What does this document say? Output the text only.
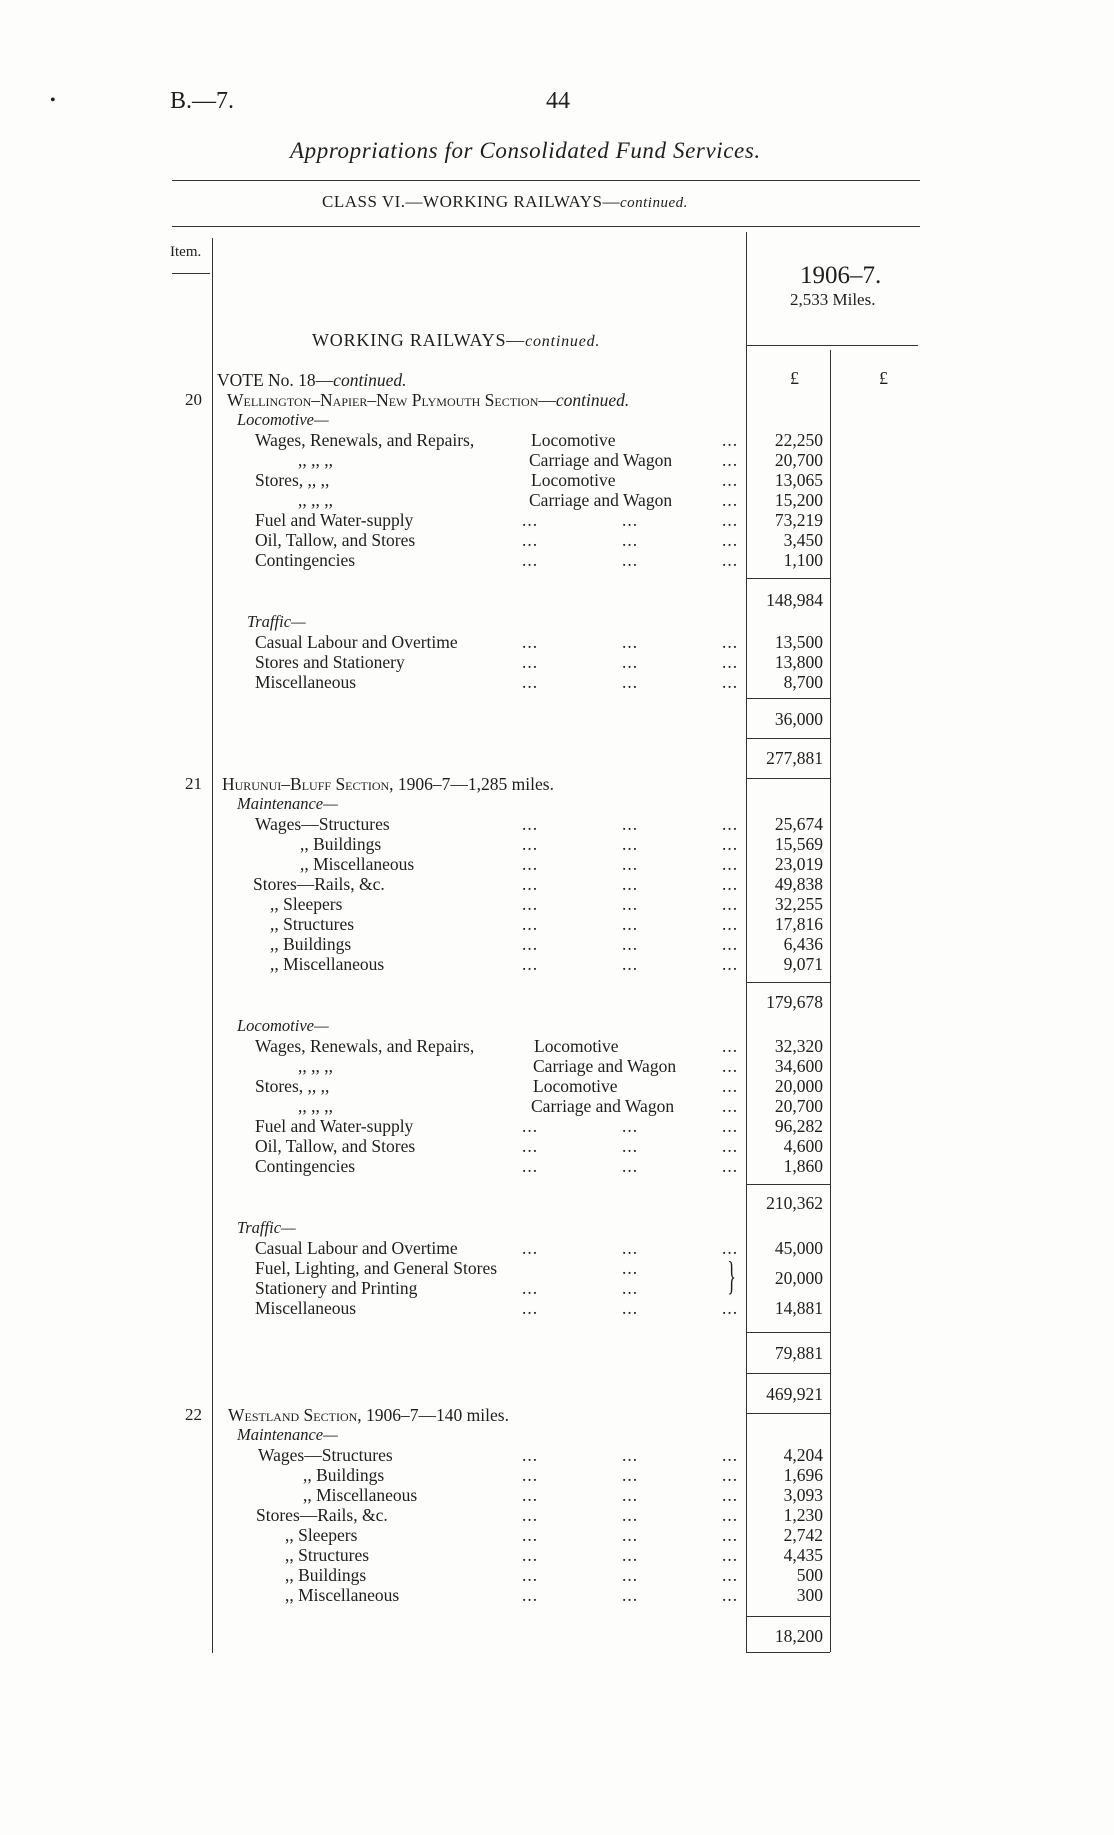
•	B.—7.	44
Appropriations for Consolidated Fund Services.
CLASS VI.—WORKING RAILWAYS—continued.
Item.
1906–7.
2,533 Miles.
£	£
WORKING RAILWAYS—continued.
VOTE No. 18—continued.
20 Wellington–Napier–New Plymouth Section—continued.
Locomotive—
Wages, Renewals, and Repairs,	Locomotive	...	22,250
,, ,, ,,	Carriage and Wagon	...	20,700
Stores, ,, ,,	Locomotive	...	13,065
,, ,, ,,	Carriage and Wagon	...	15,200
Fuel and Water-supply	...	...	...	73,219
Oil, Tallow, and Stores	...	...	...	3,450
Contingencies	...	...	...	1,100
148,984
Traffic—
Casual Labour and Overtime	...	...	...	13,500
Stores and Stationery	...	...	...	13,800
Miscellaneous	...	...	...	8,700
36,000
277,881
21 Hurunui–Bluff Section, 1906–7—1,285 miles.
Maintenance—
Wages—Structures	...	...	...	25,674
,, Buildings	...	...	...	15,569
,, Miscellaneous	...	...	...	23,019
Stores—Rails, &c.	...	...	...	49,838
,, Sleepers	...	...	...	32,255
,, Structures	...	...	...	17,816
,, Buildings	...	...	...	6,436
,, Miscellaneous	...	...	...	9,071
179,678
Locomotive—
Wages, Renewals, and Repairs,	Locomotive	...	32,320
,, ,, ,,	Carriage and Wagon	...	34,600
Stores, ,, ,,	Locomotive	...	20,000
,, ,, ,,	Carriage and Wagon	...	20,700
Fuel and Water-supply	...	...	...	96,282
Oil, Tallow, and Stores	...	...	...	4,600
Contingencies	...	...	...	1,860
210,362
Traffic—
Casual Labour and Overtime	...	...	...	45,000
Fuel, Lighting, and General Stores	...
Stationery and Printing	...	... }	20,000
Miscellaneous	...	...	...	14,881
79,881
469,921
22 Westland Section, 1906–7—140 miles.
Maintenance—
Wages—Structures	...	...	...	4,204
,, Buildings	...	...	...	1,696
,, Miscellaneous	...	...	...	3,093
Stores—Rails, &c.	...	...	...	1,230
,, Sleepers	...	...	...	2,742
,, Structures	...	...	...	4,435
,, Buildings	...	...	...	500
,, Miscellaneous	...	...	...	300
18,200
